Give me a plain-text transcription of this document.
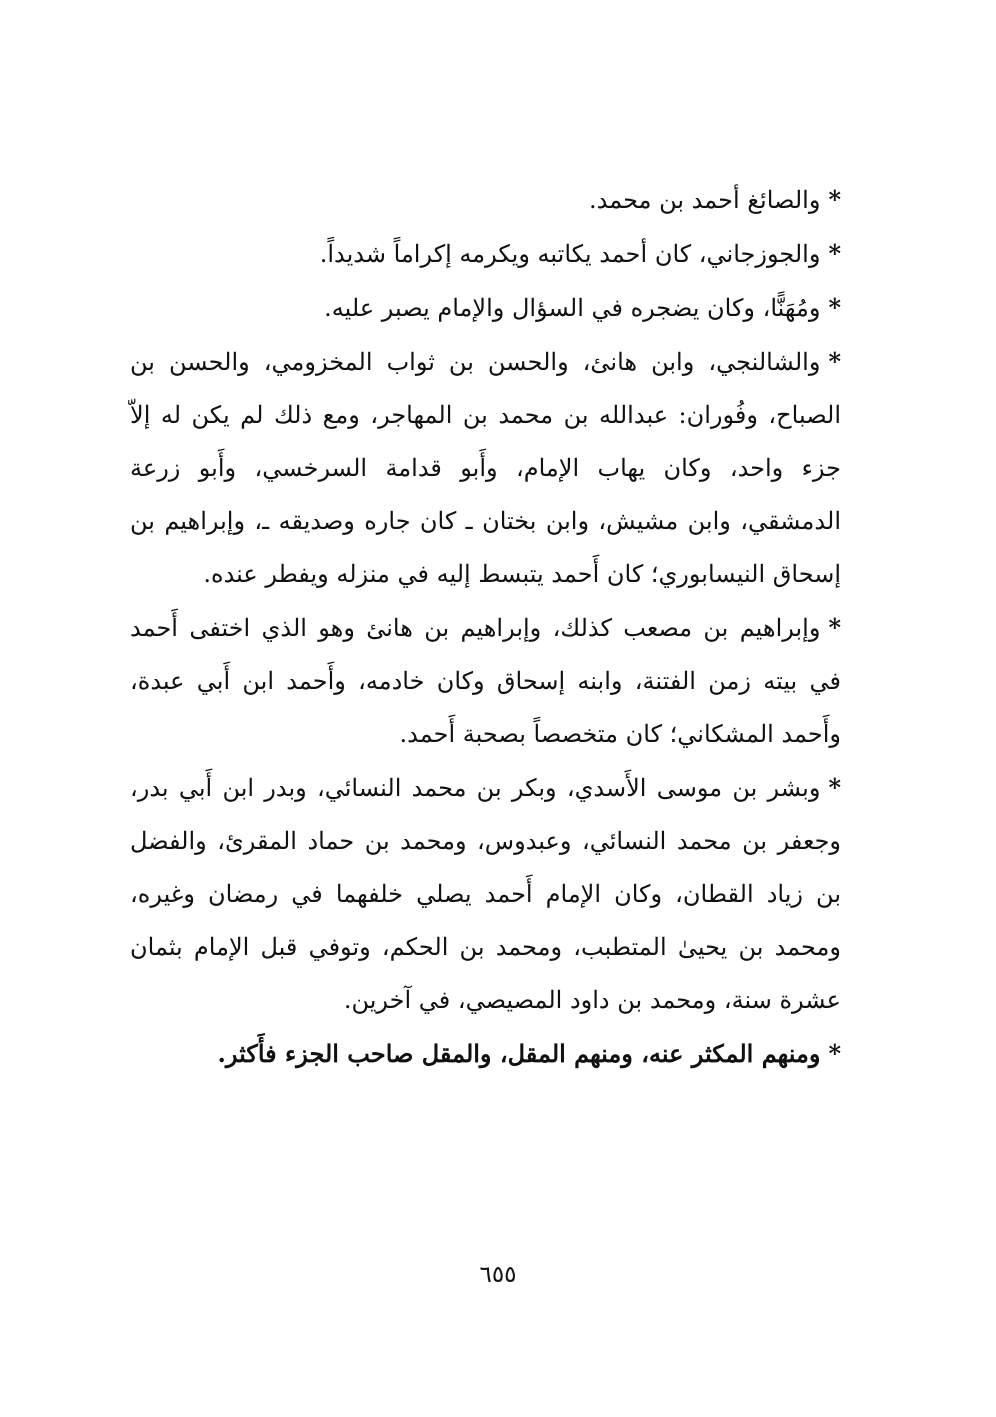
*والصائغ أحمد بن محمد.

*والجوزجاني، كان أحمد يكاتبه ويكرمه إكراماً شديداً.

*ومُهَنًّا، وكان يضجره في السؤال والإمام يصبر عليه.

*والشالنجي، وابن هانئ، والحسن بن ثواب المخزومي، والحسن بن الصباح، وفُوران: عبدالله بن محمد بن المهاجر، ومع ذلك لم يكن له إلاّ جزء واحد، وكان يهاب الإمام، وأَبو قدامة السرخسي، وأَبو زرعة الدمشقي، وابن مشيش، وابن بختان ـ كان جاره وصديقه ـ، وإبراهيم بن إسحاق النيسابوري؛ كان أَحمد يتبسط إليه في منزله ويفطر عنده.

*وإبراهيم بن مصعب كذلك، وإبراهيم بن هانئ وهو الذي اختفى أَحمد في بيته زمن الفتنة، وابنه إسحاق وكان خادمه، وأَحمد ابن أَبي عبدة، وأَحمد المشكاني؛ كان متخصصاً بصحبة أَحمد.

*وبشر بن موسى الأَسدي، وبكر بن محمد النسائي، وبدر ابن أَبي بدر، وجعفر بن محمد النسائي، وعبدوس، ومحمد بن حماد المقرئ، والفضل بن زياد القطان، وكان الإمام أَحمد يصلي خلفهما في رمضان وغيره، ومحمد بن يحيىٰ المتطبب، ومحمد بن الحكم، وتوفي قبل الإمام بثمان عشرة سنة، ومحمد بن داود المصيصي، في آخرين.

*ومنهم المكثر عنه، ومنهم المقل، والمقل صاحب الجزء فأَكثر.

٦٥٥
